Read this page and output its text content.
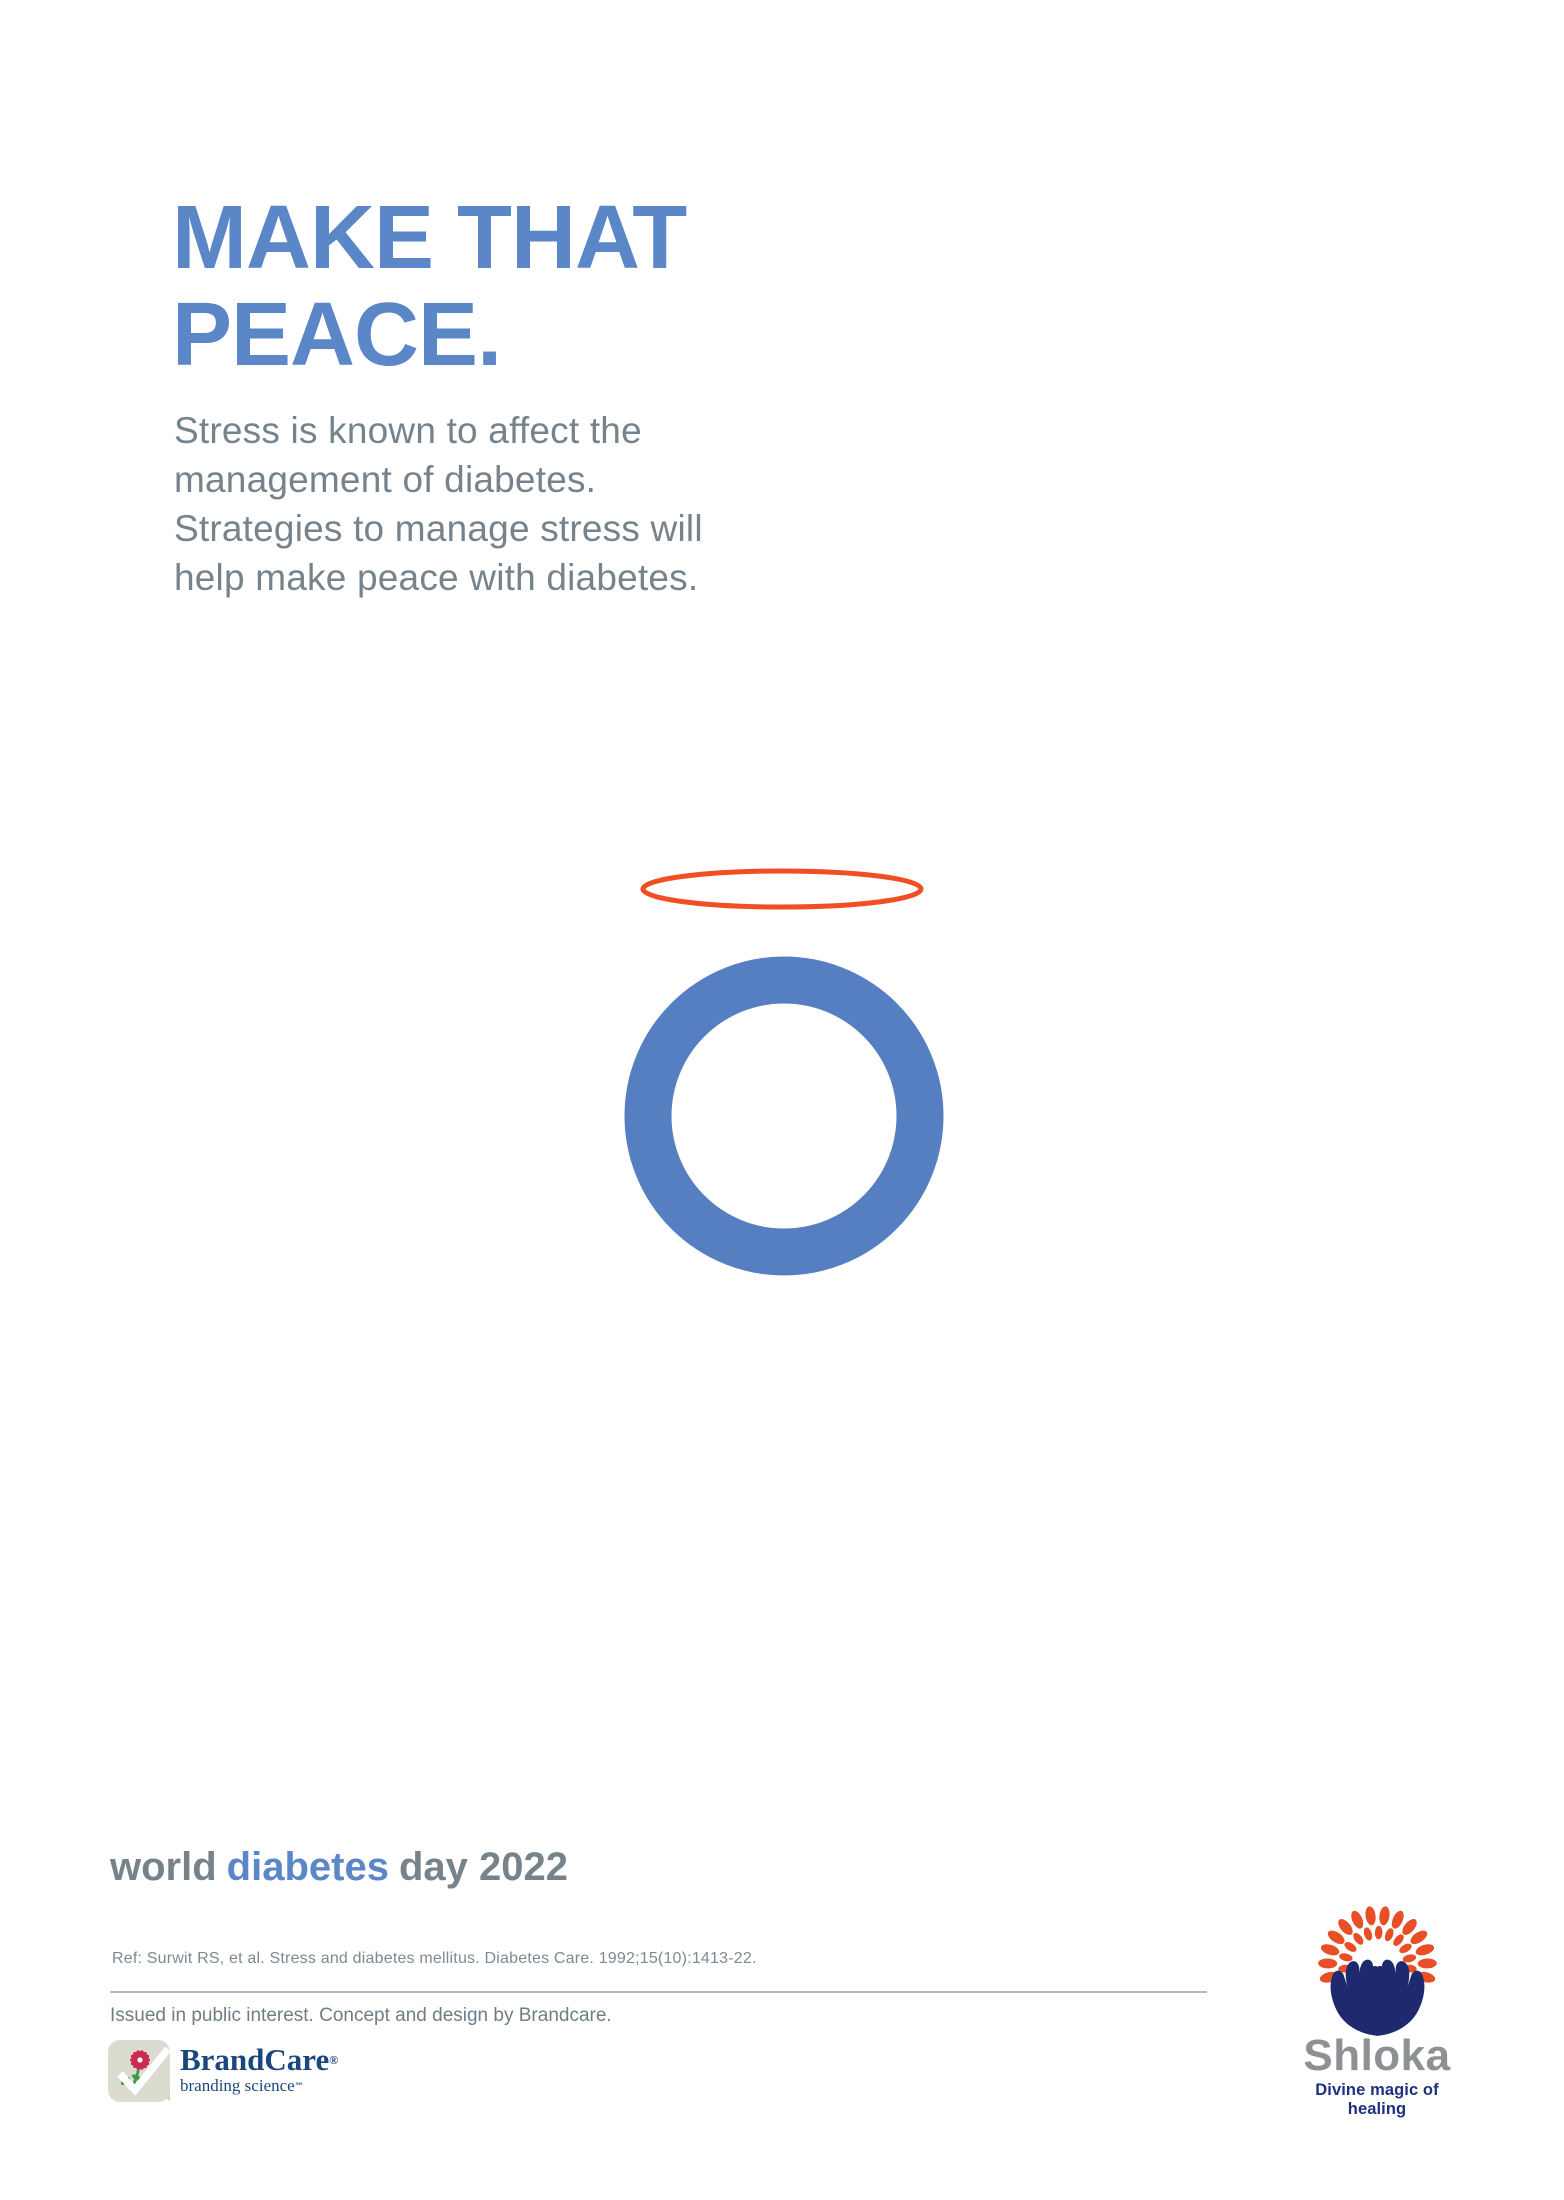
MAKE THAT
PEACE.
Stress is known to affect the
management of diabetes.
Strategies to manage stress will
help make peace with diabetes.
world diabetes day 2022
Ref: Surwit RS, et al. Stress and diabetes mellitus. Diabetes Care. 1992;15(10):1413-22.
Issued in public interest. Concept and design by Brandcare.
BrandCare®
branding science℠
Shloka
Divine magic of healing
